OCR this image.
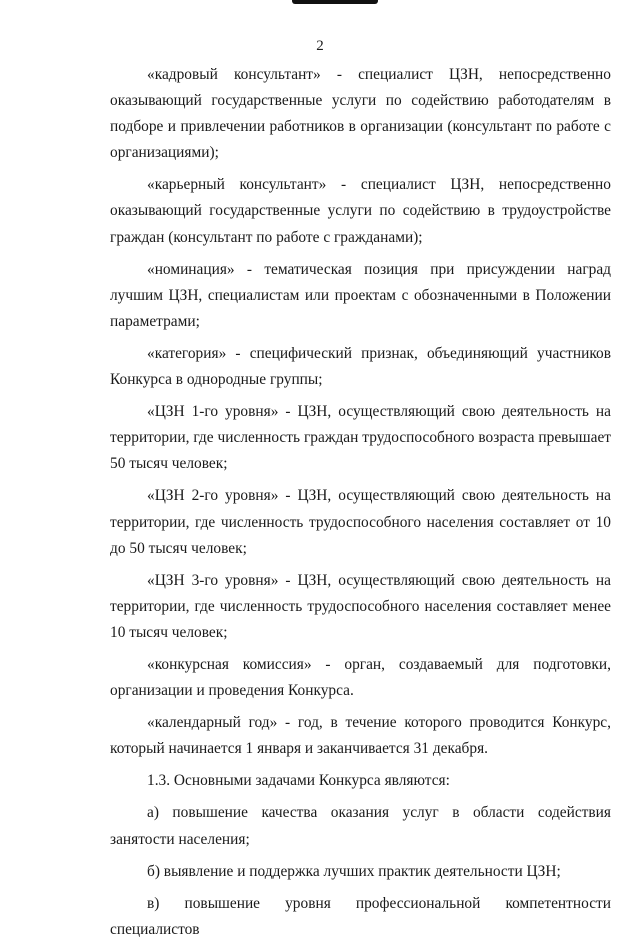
2

«кадровый консультант» - специалист ЦЗН, непосредственно оказывающий государственные услуги по содействию работодателям в подборе и привлечении работников в организации (консультант по работе с организациями);

«карьерный консультант» - специалист ЦЗН, непосредственно оказывающий государственные услуги по содействию в трудоустройстве граждан (консультант по работе с гражданами);

«номинация» - тематическая позиция при присуждении наград лучшим ЦЗН, специалистам или проектам с обозначенными в Положении параметрами;

«категория» - специфический признак, объединяющий участников Конкурса в однородные группы;

«ЦЗН 1-го уровня» - ЦЗН, осуществляющий свою деятельность на территории, где численность граждан трудоспособного возраста превышает 50 тысяч человек;

«ЦЗН 2-го уровня» - ЦЗН, осуществляющий свою деятельность на территории, где численность трудоспособного населения составляет от 10 до 50 тысяч человек;

«ЦЗН 3-го уровня» - ЦЗН, осуществляющий свою деятельность на территории, где численность трудоспособного населения составляет менее 10 тысяч человек;

«конкурсная комиссия» - орган, создаваемый для подготовки, организации и проведения Конкурса.

«календарный год» - год, в течение которого проводится Конкурс, который начинается 1 января и заканчивается 31 декабря.

1.3. Основными задачами Конкурса являются:

а) повышение качества оказания услуг в области содействия занятости населения;

б) выявление и поддержка лучших практик деятельности ЦЗН;

в) повышение уровня профессиональной компетентности специалистов
